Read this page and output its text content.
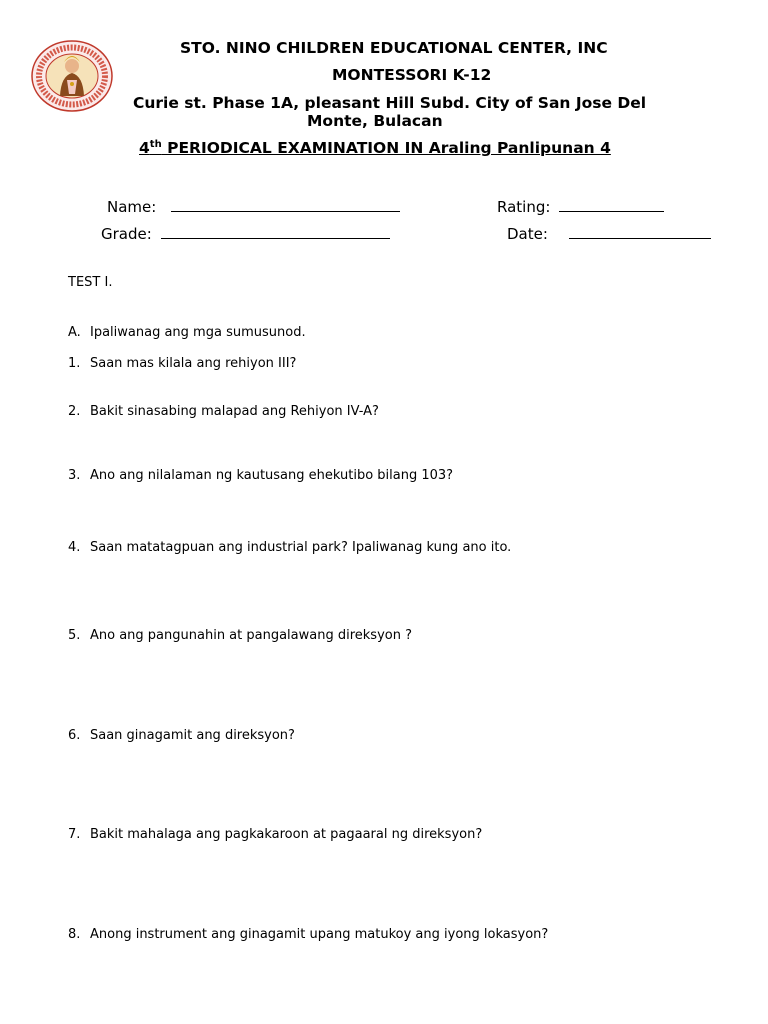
STO. NINO CHILDREN EDUCATIONAL CENTER, INC
MONTESSORI K-12
Curie st. Phase 1A, pleasant Hill Subd. City of San Jose Del
Monte, Bulacan
4th PERIODICAL EXAMINATION IN Araling Panlipunan 4
Name:	Rating:
Grade:	Date:
TEST I.
A. Ipaliwanag ang mga sumusunod.
1. Saan mas kilala ang rehiyon III?
2. Bakit sinasabing malapad ang Rehiyon IV-A?
3. Ano ang nilalaman ng kautusang ehekutibo bilang 103?
4. Saan matatagpuan ang industrial park? Ipaliwanag kung ano ito.
5. Ano ang pangunahin at pangalawang direksyon ?
6. Saan ginagamit ang direksyon?
7. Bakit mahalaga ang pagkakaroon at pagaaral ng direksyon?
8. Anong instrument ang ginagamit upang matukoy ang iyong lokasyon?
